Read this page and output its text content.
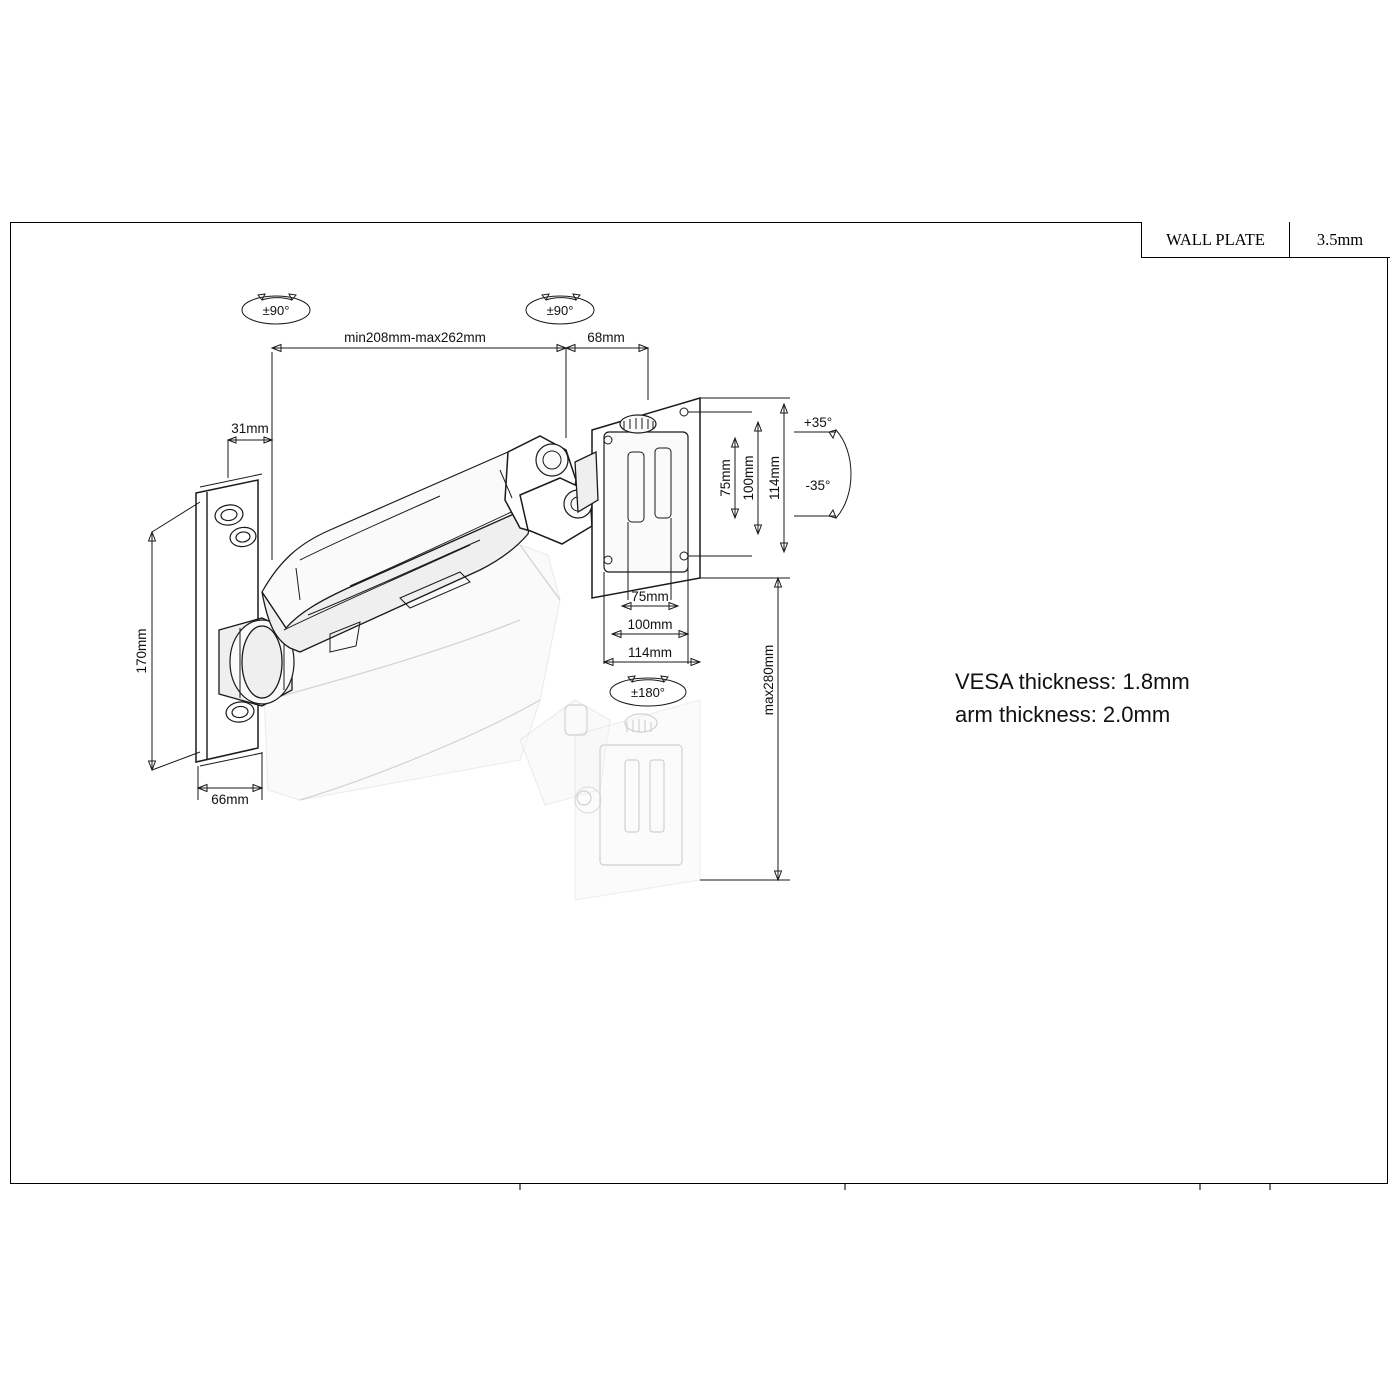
31mm
min208mm-max262mm	68mm
170mm
66mm
75mm 100mm 114mm
75mm
100mm
114mm	max280mm
±90°	±90°
±180°
+35°
-35°
WALL PLATE	3.5mm
VESA thickness: 1.8mm
arm thickness: 2.0mm
